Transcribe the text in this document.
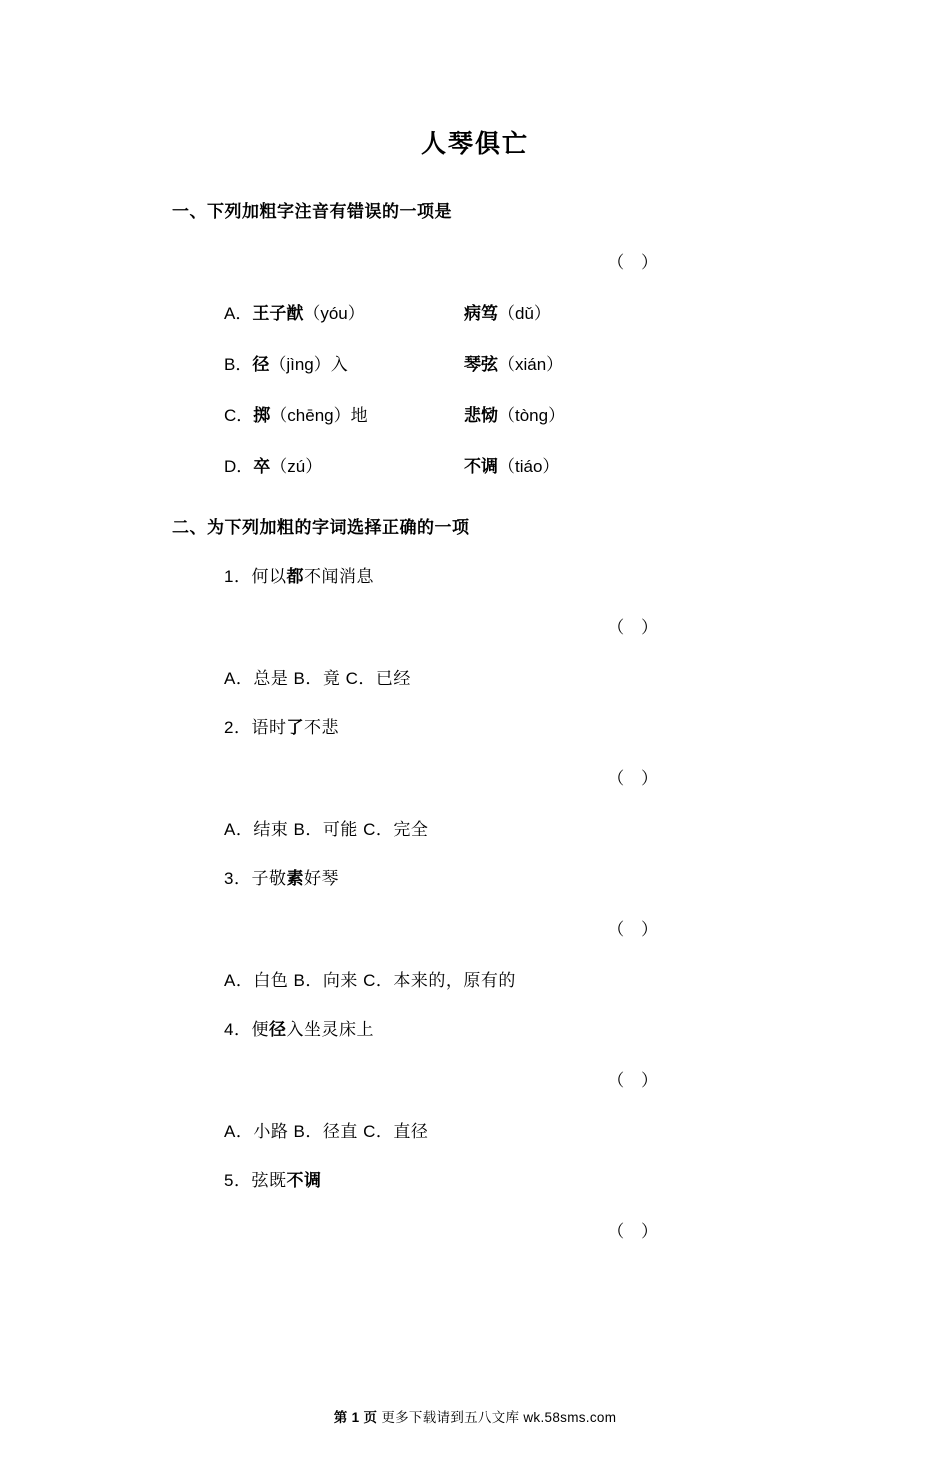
人琴俱亡
一、下列加粗字注音有错误的一项是
（ ）
A．王子猷（yóu）	病笃（dǔ）
B．径（jìng）入	琴弦（xián）
C．掷（chēng）地	悲恸（tòng）
D．卒（zú）	不调（tiáo）
二、为下列加粗的字词选择正确的一项
1．何以都不闻消息
（ ）
A．总是 B．竟 C．已经
2．语时了不悲
（ ）
A．结束 B．可能 C．完全
3．子敬素好琴
（ ）
A．白色 B．向来 C．本来的，原有的
4．便径入坐灵床上
（ ）
A．小路 B．径直 C．直径
5．弦既不调
（ ）
第 1 页 更多下载请到五八文库 wk.58sms.com
